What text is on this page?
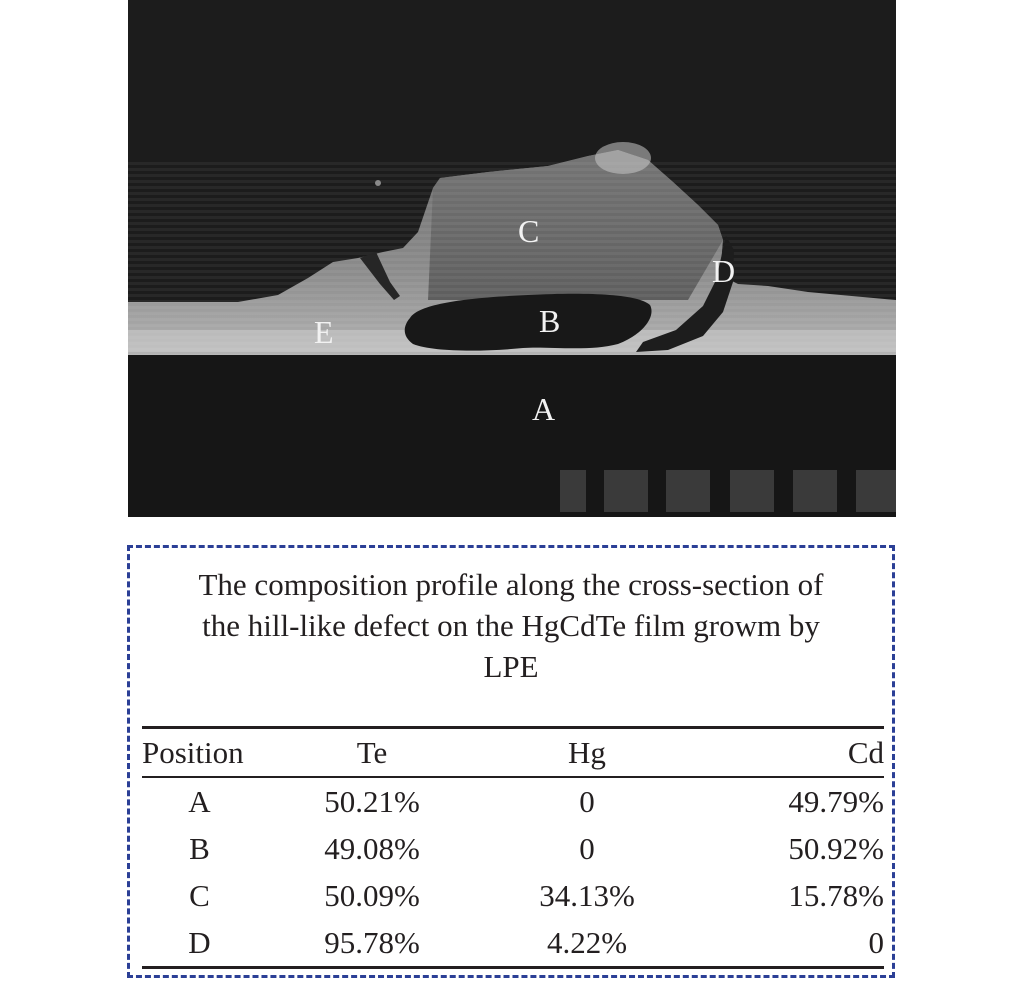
A
B
C
D
E
The composition profile along the cross-section of
the hill-like defect on the HgCdTe film growm by
LPE
Position	Te	Hg	Cd
A	50.21%	0	49.79%
B	49.08%	0	50.92%
C	50.09%	34.13%	15.78%
D	95.78%	4.22%	0
